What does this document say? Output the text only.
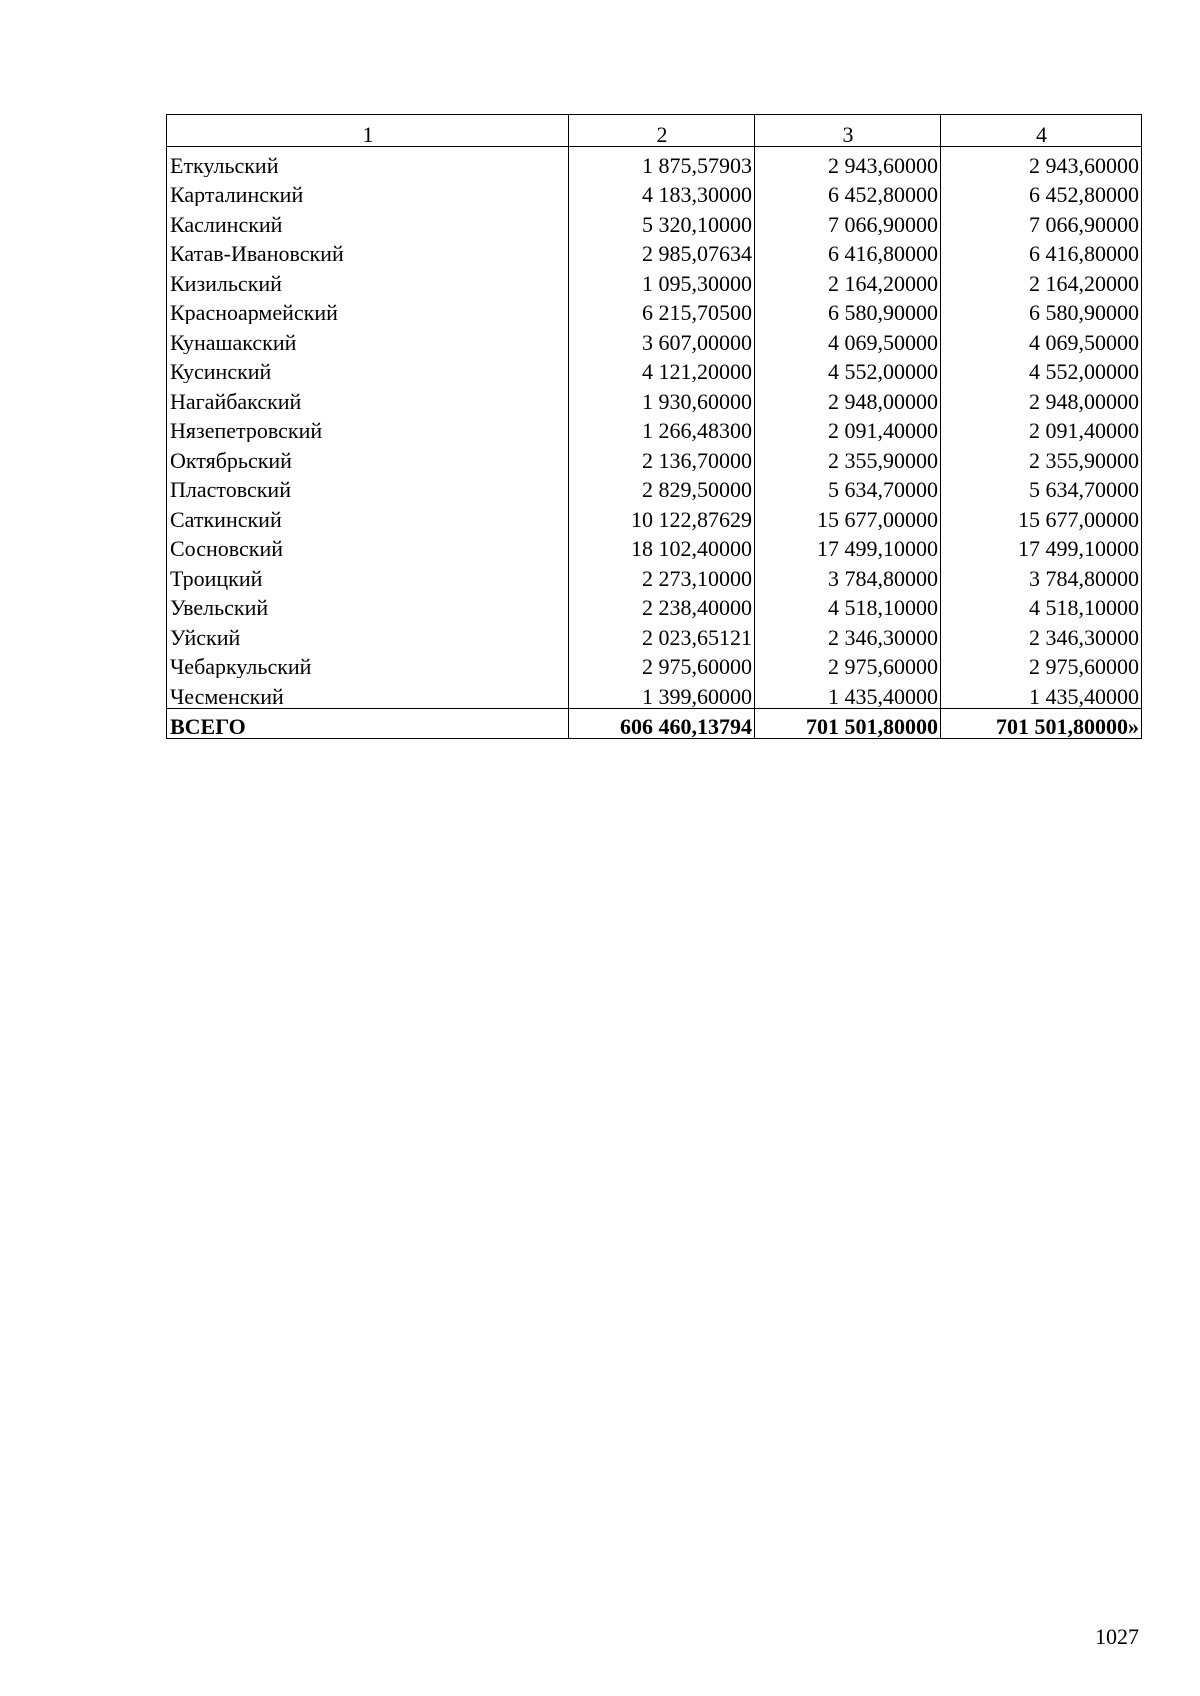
1	2	3	4
Еткульский	1 875,57903	2 943,60000	2 943,60000
Карталинский	4 183,30000	6 452,80000	6 452,80000
Каслинский	5 320,10000	7 066,90000	7 066,90000
Катав-Ивановский	2 985,07634	6 416,80000	6 416,80000
Кизильский	1 095,30000	2 164,20000	2 164,20000
Красноармейский	6 215,70500	6 580,90000	6 580,90000
Кунашакский	3 607,00000	4 069,50000	4 069,50000
Кусинский	4 121,20000	4 552,00000	4 552,00000
Нагайбакский	1 930,60000	2 948,00000	2 948,00000
Нязепетровский	1 266,48300	2 091,40000	2 091,40000
Октябрьский	2 136,70000	2 355,90000	2 355,90000
Пластовский	2 829,50000	5 634,70000	5 634,70000
Саткинский	10 122,87629	15 677,00000	15 677,00000
Сосновский	18 102,40000	17 499,10000	17 499,10000
Троицкий	2 273,10000	3 784,80000	3 784,80000
Увельский	2 238,40000	4 518,10000	4 518,10000
Уйский	2 023,65121	2 346,30000	2 346,30000
Чебаркульский	2 975,60000	2 975,60000	2 975,60000
Чесменский	1 399,60000	1 435,40000	1 435,40000
ВСЕГО	606 460,13794	701 501,80000	701 501,80000»
1027
